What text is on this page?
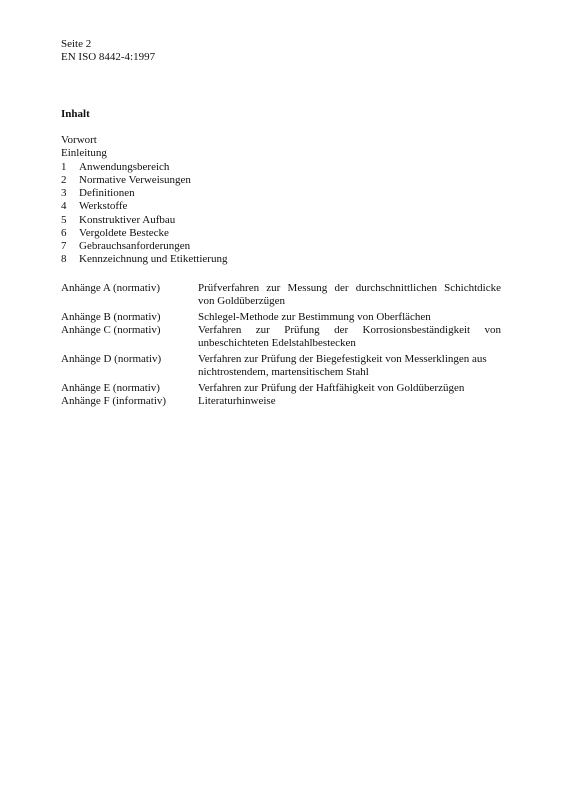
Seite 2
EN ISO 8442-4:1997
Inhalt
Vorwort
Einleitung
1	Anwendungsbereich
2	Normative Verweisungen
3	Definitionen
4	Werkstoffe
5	Konstruktiver Aufbau
6	Vergoldete Bestecke
7	Gebrauchsanforderungen
8	Kennzeichnung und Etikettierung
Anhänge A (normativ)	Prüfverfahren zur Messung der durchschnittlichen Schichtdicke
von Goldüberzügen
Anhänge B (normativ)	Schlegel-Methode zur Bestimmung von Oberflächen
Anhänge C (normativ)	Verfahren zur Prüfung der Korrosionsbeständigkeit von
unbeschichteten Edelstahlbestecken
Anhänge D (normativ)	Verfahren zur Prüfung der Biegefestigkeit von Messerklingen aus
nichtrostendem, martensitischem Stahl
Anhänge E (normativ)	Verfahren zur Prüfung der Haftfähigkeit von Goldüberzügen
Anhänge F (informativ)	Literaturhinweise
